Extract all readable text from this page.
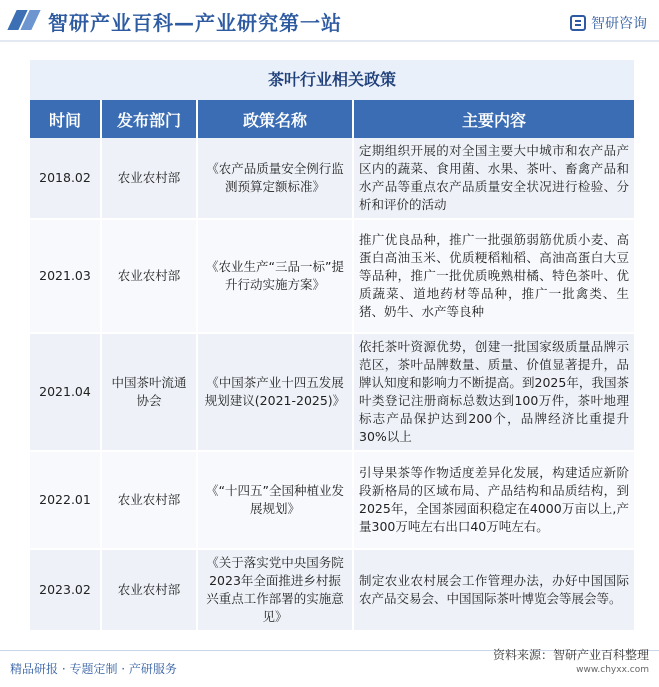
智研产业百科—产业研究第一站	智研咨询
茶叶行业相关政策
时间	发布部门	政策名称	主要内容
2018.02	农业农村部	《农产品质量安全例行监测预算定额标准》	定期组织开展的对全国主要大中城市和农产品产区内的蔬菜、食用菌、水果、茶叶、畜禽产品和水产品等重点农产品质量安全状况进行检验、分析和评价的活动
2021.03	农业农村部	《农业生产“三品一标”提升行动实施方案》	推广优良品种，推广一批强筋弱筋优质小麦、高蛋白高油玉米、优质粳稻籼稻、高油高蛋白大豆等品种，推广一批优质晚熟柑橘、特色茶叶、优质蔬菜、道地药材等品种，推广一批禽类、生猪、奶牛、水产等良种
2021.04	中国茶叶流通协会	《中国茶产业十四五发展规划建议(2021-2025)》	依托茶叶资源优势，创建一批国家级质量品牌示范区，茶叶品牌数量、质量、价值显著提升，品牌认知度和影响力不断提高。到2025年，我国茶叶类登记注册商标总数达到100万件，茶叶地理标志产品保护达到200个，品牌经济比重提升30%以上
2022.01	农业农村部	《“十四五”全国种植业发展规划》	引导果茶等作物适度差异化发展，构建适应新阶段新格局的区域布局、产品结构和品质结构，到2025年，全国茶园面积稳定在4000万亩以上,产量300万吨左右出口40万吨左右。
2023.02	农业农村部	《关于落实党中央国务院2023年全面推进乡村振兴重点工作部署的实施意见》	制定农业农村展会工作管理办法，办好中国国际农产品交易会、中国国际茶叶博览会等展会等。
精品研报 · 专题定制 · 产研服务
资料来源：智研产业百科整理
www.chyxx.com
